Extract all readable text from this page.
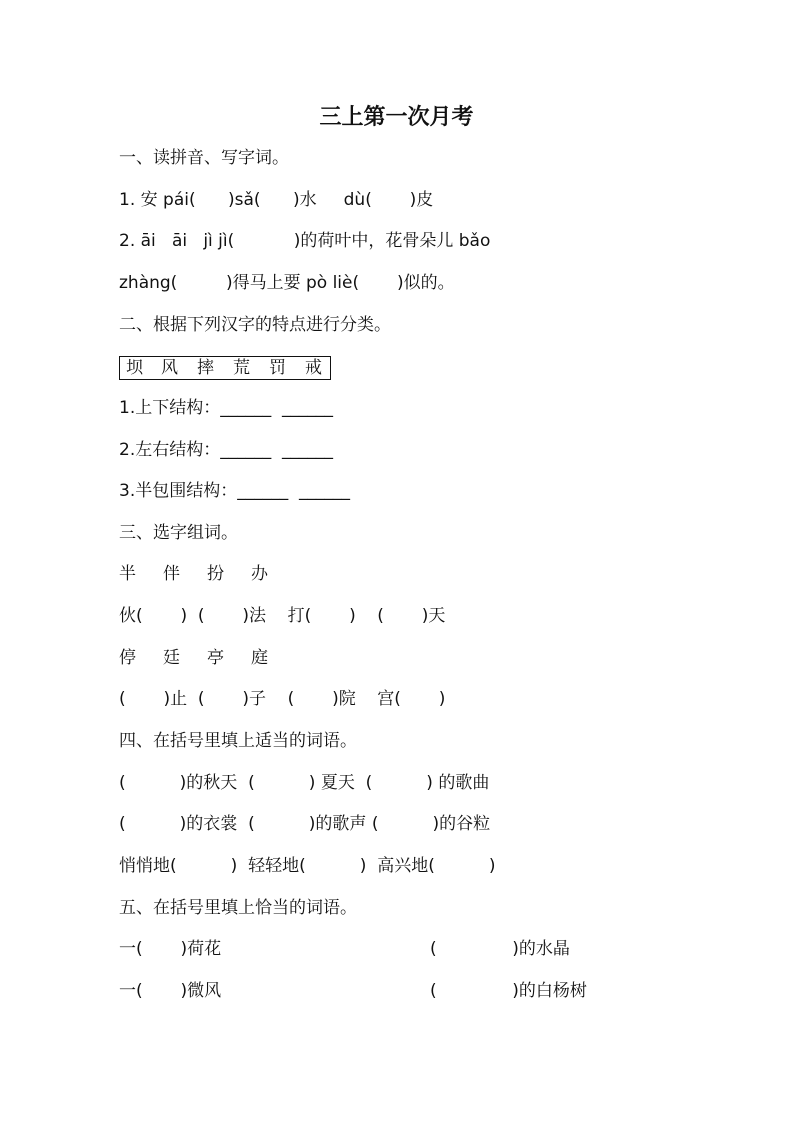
三上第一次月考
一、读拼音、写字词。
1. 安 pái(      )sǎ(      )水     dù(       )皮
2. āi   āi   jì jì(           )的荷叶中，花骨朵儿 bǎo
zhàng(         )得马上要 pò liè(       )似的。
二、根据下列汉字的特点进行分类。
坝 风 摔 荒 罚 戒
1.上下结构：______  ______
2.左右结构：______  ______
3.半包围结构：______  ______
三、选字组词。
半     伴     扮     办
伙(       )  (       )法    打(       )    (       )天
停     廷     亭     庭
(       )止  (       )子    (       )院    宫(       )
四、在括号里填上适当的词语。
(          )的秋天  (          ) 夏天  (          ) 的歌曲
(          )的衣裳  (          )的歌声 (          )的谷粒
悄悄地(          )  轻轻地(          )  高兴地(          )
五、在括号里填上恰当的词语。
一(       )荷花	(              )的水晶
一(       )微风	(              )的白杨树
